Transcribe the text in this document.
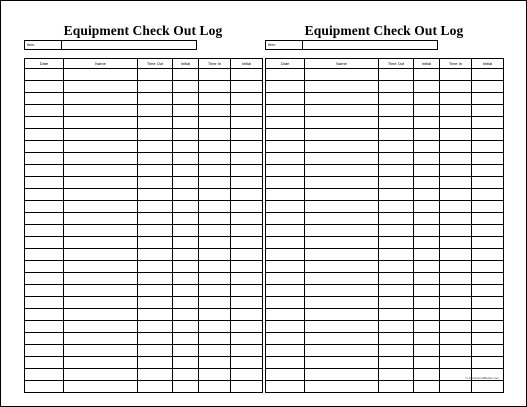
Equipment Check Out Log
Item:
Date	Name	Time Out	Initial	Time In	Initial

Equipment Check Out Log
Item:
Date	Name	Time Out	Initial	Time In	Initial

© FreeFormsBlanks.com
